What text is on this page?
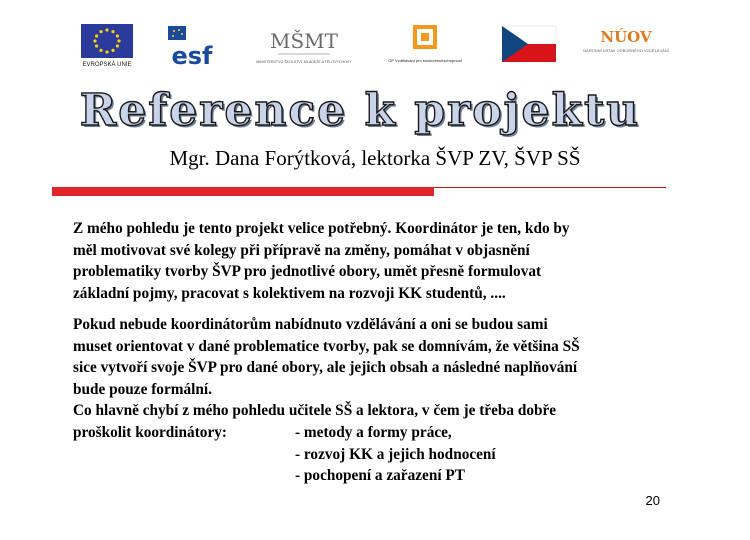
EVROPSKÁ UNIE esf
MŠMT
MINISTERSTVO ŠKOLSTVÍ, MLÁDEŽE A TĚLOVÝCHOVY	OP Vzdělávání pro konkurenceschopnost
NÚOV
NÁRODNÍ ÚSTAV ODBORNÉHO VZDĚLÁVÁNÍ
Reference k projektu
Mgr. Dana Forýtková, lektorka ŠVP ZV, ŠVP SŠ
Z mého pohledu je tento projekt velice potřebný. Koordinátor je ten, kdo by
měl motivovat své kolegy při přípravě na změny, pomáhat v objasnění
problematiky tvorby ŠVP pro jednotlivé obory, umět přesně formulovat
základní pojmy, pracovat s kolektivem na rozvoji KK studentů, ....
Pokud nebude koordinátorům nabídnuto vzdělávání a oni se budou sami
muset orientovat v dané problematice tvorby, pak se domnívám, že většina SŠ
sice vytvoří svoje ŠVP pro dané obory, ale jejich obsah a následné naplňování
bude pouze formální.
Co hlavně chybí z mého pohledu učitele SŠ a lektora, v čem je třeba dobře
proškolit koordinátory:	- metody a formy práce,
- rozvoj KK a jejich hodnocení
- pochopení a zařazení PT
20
